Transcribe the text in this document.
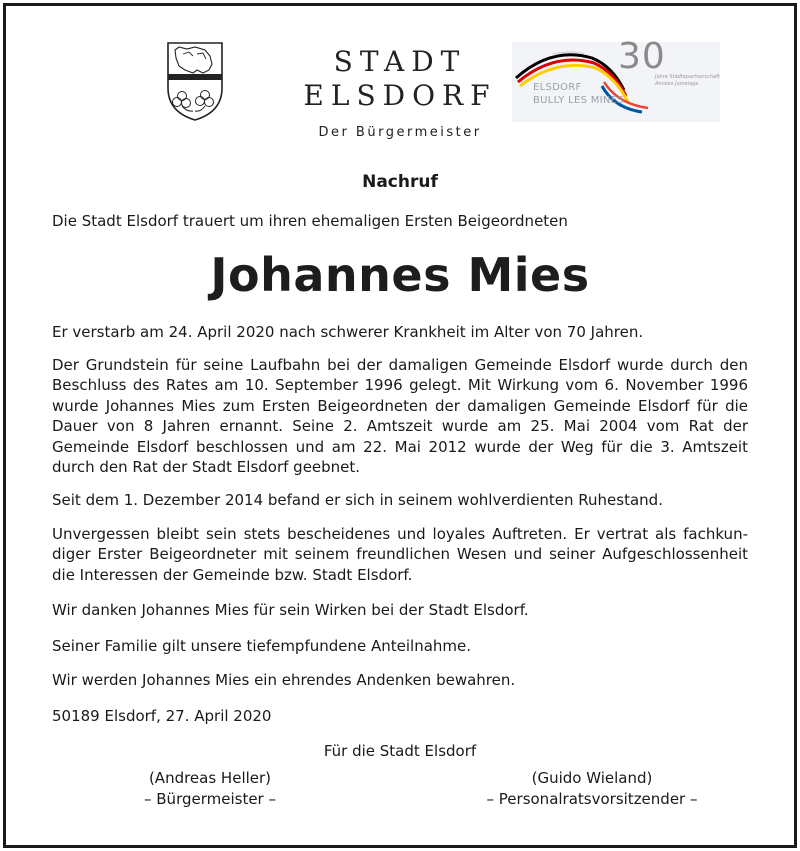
STADT
ELSDORF
Der Bürgermeister
30
Jahre Städtepartnerschaft
Années Jumelage
ELSDORF
BULLY LES MINES
Nachruf
Die Stadt Elsdorf trauert um ihren ehemaligen Ersten Beigeordneten
Johannes Mies

Er verstarb am 24. April 2020 nach schwerer Krankheit im Alter von 70 Jahren.

Der Grundstein für seine Laufbahn bei der damaligen Gemeinde Elsdorf wurde durch den Beschluss des Rates am 10. September 1996 gelegt. Mit Wirkung vom 6. November 1996 wurde Johannes Mies zum Ersten Beigeordneten der damaligen Gemeinde Elsdorf für die Dauer von 8 Jahren ernannt. Seine 2. Amtszeit wurde am 25. Mai 2004 vom Rat der Gemeinde Elsdorf beschlossen und am 22. Mai 2012 wurde der Weg für die 3. Amtszeit durch den Rat der Stadt Elsdorf geebnet.

Seit dem 1. Dezember 2014 befand er sich in seinem wohlverdienten Ruhestand.

Unvergessen bleibt sein stets bescheidenes und loyales Auftreten. Er vertrat als fachkun-diger Erster Beigeordneter mit seinem freundlichen Wesen und seiner Aufgeschlossenheit die Interessen der Gemeinde bzw. Stadt Elsdorf.

Wir danken Johannes Mies für sein Wirken bei der Stadt Elsdorf.

Seiner Familie gilt unsere tiefempfundene Anteilnahme.

Wir werden Johannes Mies ein ehrendes Andenken bewahren.

50189 Elsdorf, 27. April 2020

Für die Stadt Elsdorf
(Andreas Heller)
– Bürgermeister –
(Guido Wieland)
– Personalratsvorsitzender –
